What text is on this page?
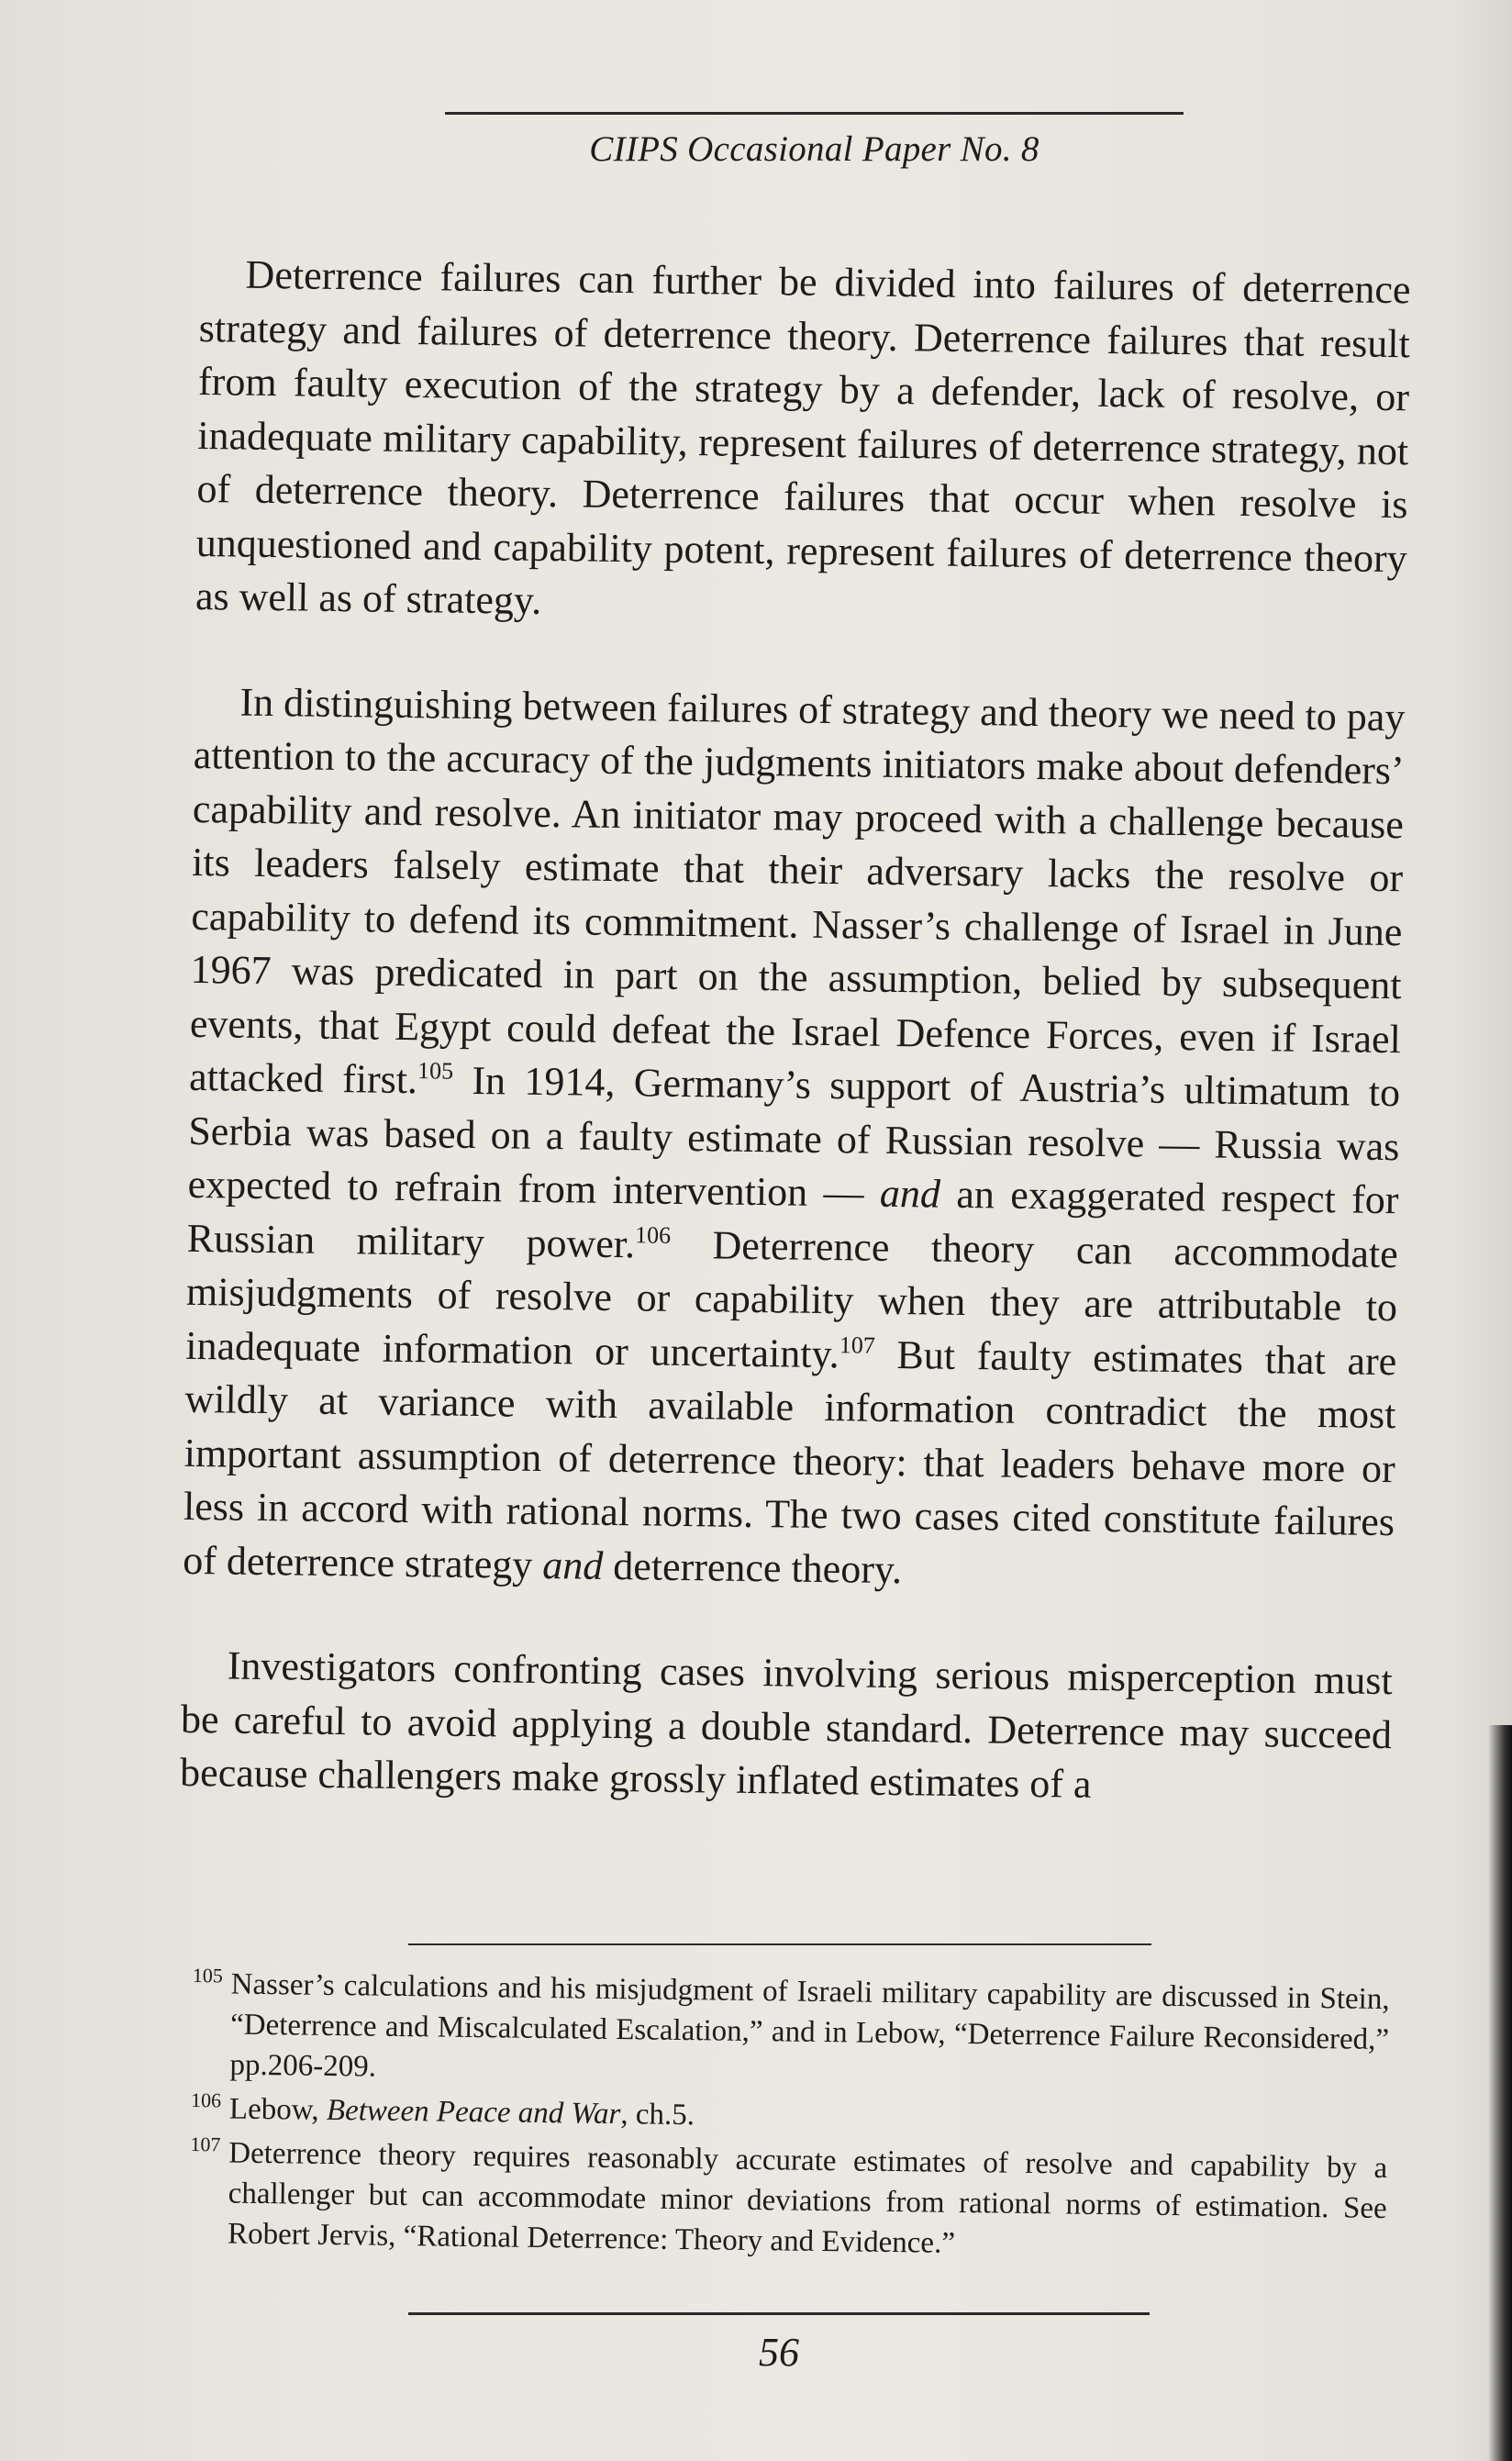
CIIPS Occasional Paper No. 8

Deterrence failures can further be divided into failures of deterrence strategy and failures of deterrence theory. Deterrence failures that result from faulty execution of the strategy by a defender, lack of resolve, or inadequate military capability, represent failures of deterrence strategy, not of deterrence theory. Deterrence failures that occur when resolve is unquestioned and capability potent, represent failures of deterrence theory as well as of strategy.

In distinguishing between failures of strategy and theory we need to pay attention to the accuracy of the judgments initiators make about defenders’ capability and resolve. An initiator may proceed with a challenge because its leaders falsely estimate that their adversary lacks the resolve or capability to defend its commitment. Nasser’s challenge of Israel in June 1967 was predicated in part on the assumption, belied by subsequent events, that Egypt could defeat the Israel Defence Forces, even if Israel attacked first.$^{105}$ In 1914, Germany’s support of Austria’s ultimatum to Serbia was based on a faulty estimate of Russian resolve — Russia was expected to refrain from intervention — and an exaggerated respect for Russian military power.$^{106}$ Deterrence theory can accommodate misjudgments of resolve or capability when they are attributable to inadequate information or uncertainty.$^{107}$ But faulty estimates that are wildly at variance with available information contradict the most important assumption of deterrence theory: that leaders behave more or less in accord with rational norms. The two cases cited constitute failures of deterrence strategy and deterrence theory.

Investigators confronting cases involving serious misperception must be careful to avoid applying a double standard. Deterrence may succeed because challengers make grossly inflated estimates of a

105 Nasser’s calculations and his misjudgment of Israeli military capability are discussed in Stein, “Deterrence and Miscalculated Escalation,” and in Lebow, “Deterrence Failure Reconsidered,” pp.206-209.
106 Lebow, Between Peace and War, ch.5.
107 Deterrence theory requires reasonably accurate estimates of resolve and capability by a challenger but can accommodate minor deviations from rational norms of estimation. See Robert Jervis, “Rational Deterrence: Theory and Evidence.”
56
